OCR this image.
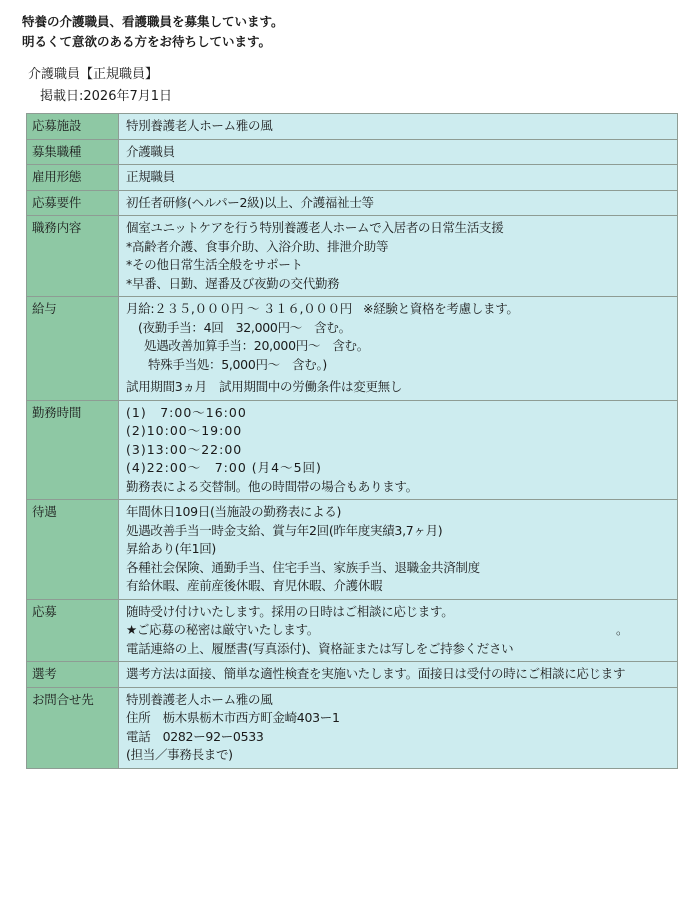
特養の介護職員、看護職員を募集しています。
明るくて意欲のある方をお待ちしています。
介護職員【正規職員】
掲載日:2026年7月1日
応募施設	特別養護老人ホーム雅の風

募集職種	介護職員

雇用形態	正規職員

応募要件	初任者研修(ヘルパー2級)以上、介護福祉士等

職務内容	個室ユニットケアを行う特別養護老人ホームで入居者の日常生活支援
*高齢者介護、食事介助、入浴介助、排泄介助等
*その他日常生活全般をサポート
*早番、日勤、遅番及び夜勤の交代勤務

給与	月給:２３５,０００円 ～ ３１６,０００円 ※経験と資格を考慮します。
(夜勤手当：4回　32,000円～　含む。
処遇改善加算手当：20,000円～　含む。
特殊手当処：5,000円～　含む。)
試用期間3ヵ月　試用期間中の労働条件は変更無し

勤務時間	(1)　7:00～16:00
(2)10:00～19:00
(3)13:00～22:00
(4)22:00～　7:00 (月4～5回)
勤務表による交替制。他の時間帯の場合もあります。

待遇	年間休日109日(当施設の勤務表による)
処遇改善手当一時金支給、賞与年2回(昨年度実績3,7ヶ月)
昇給あり(年1回)
各種社会保険、通勤手当、住宅手当、家族手当、退職金共済制度
有給休暇、産前産後休暇、育児休暇、介護休暇

応募	随時受け付けいたします。採用の日時はご相談に応じます。
★ご応募の秘密は厳守いたします。 。
電話連絡の上、履歴書(写真添付)、資格証または写しをご持参ください

選考	選考方法は面接、簡単な適性検査を実施いたします。面接日は受付の時にご相談に応じます

お問合せ先	特別養護老人ホーム雅の風
住所　栃木県栃木市西方町金崎403ー1
電話　0282ー92ー0533
(担当／事務長まで)
